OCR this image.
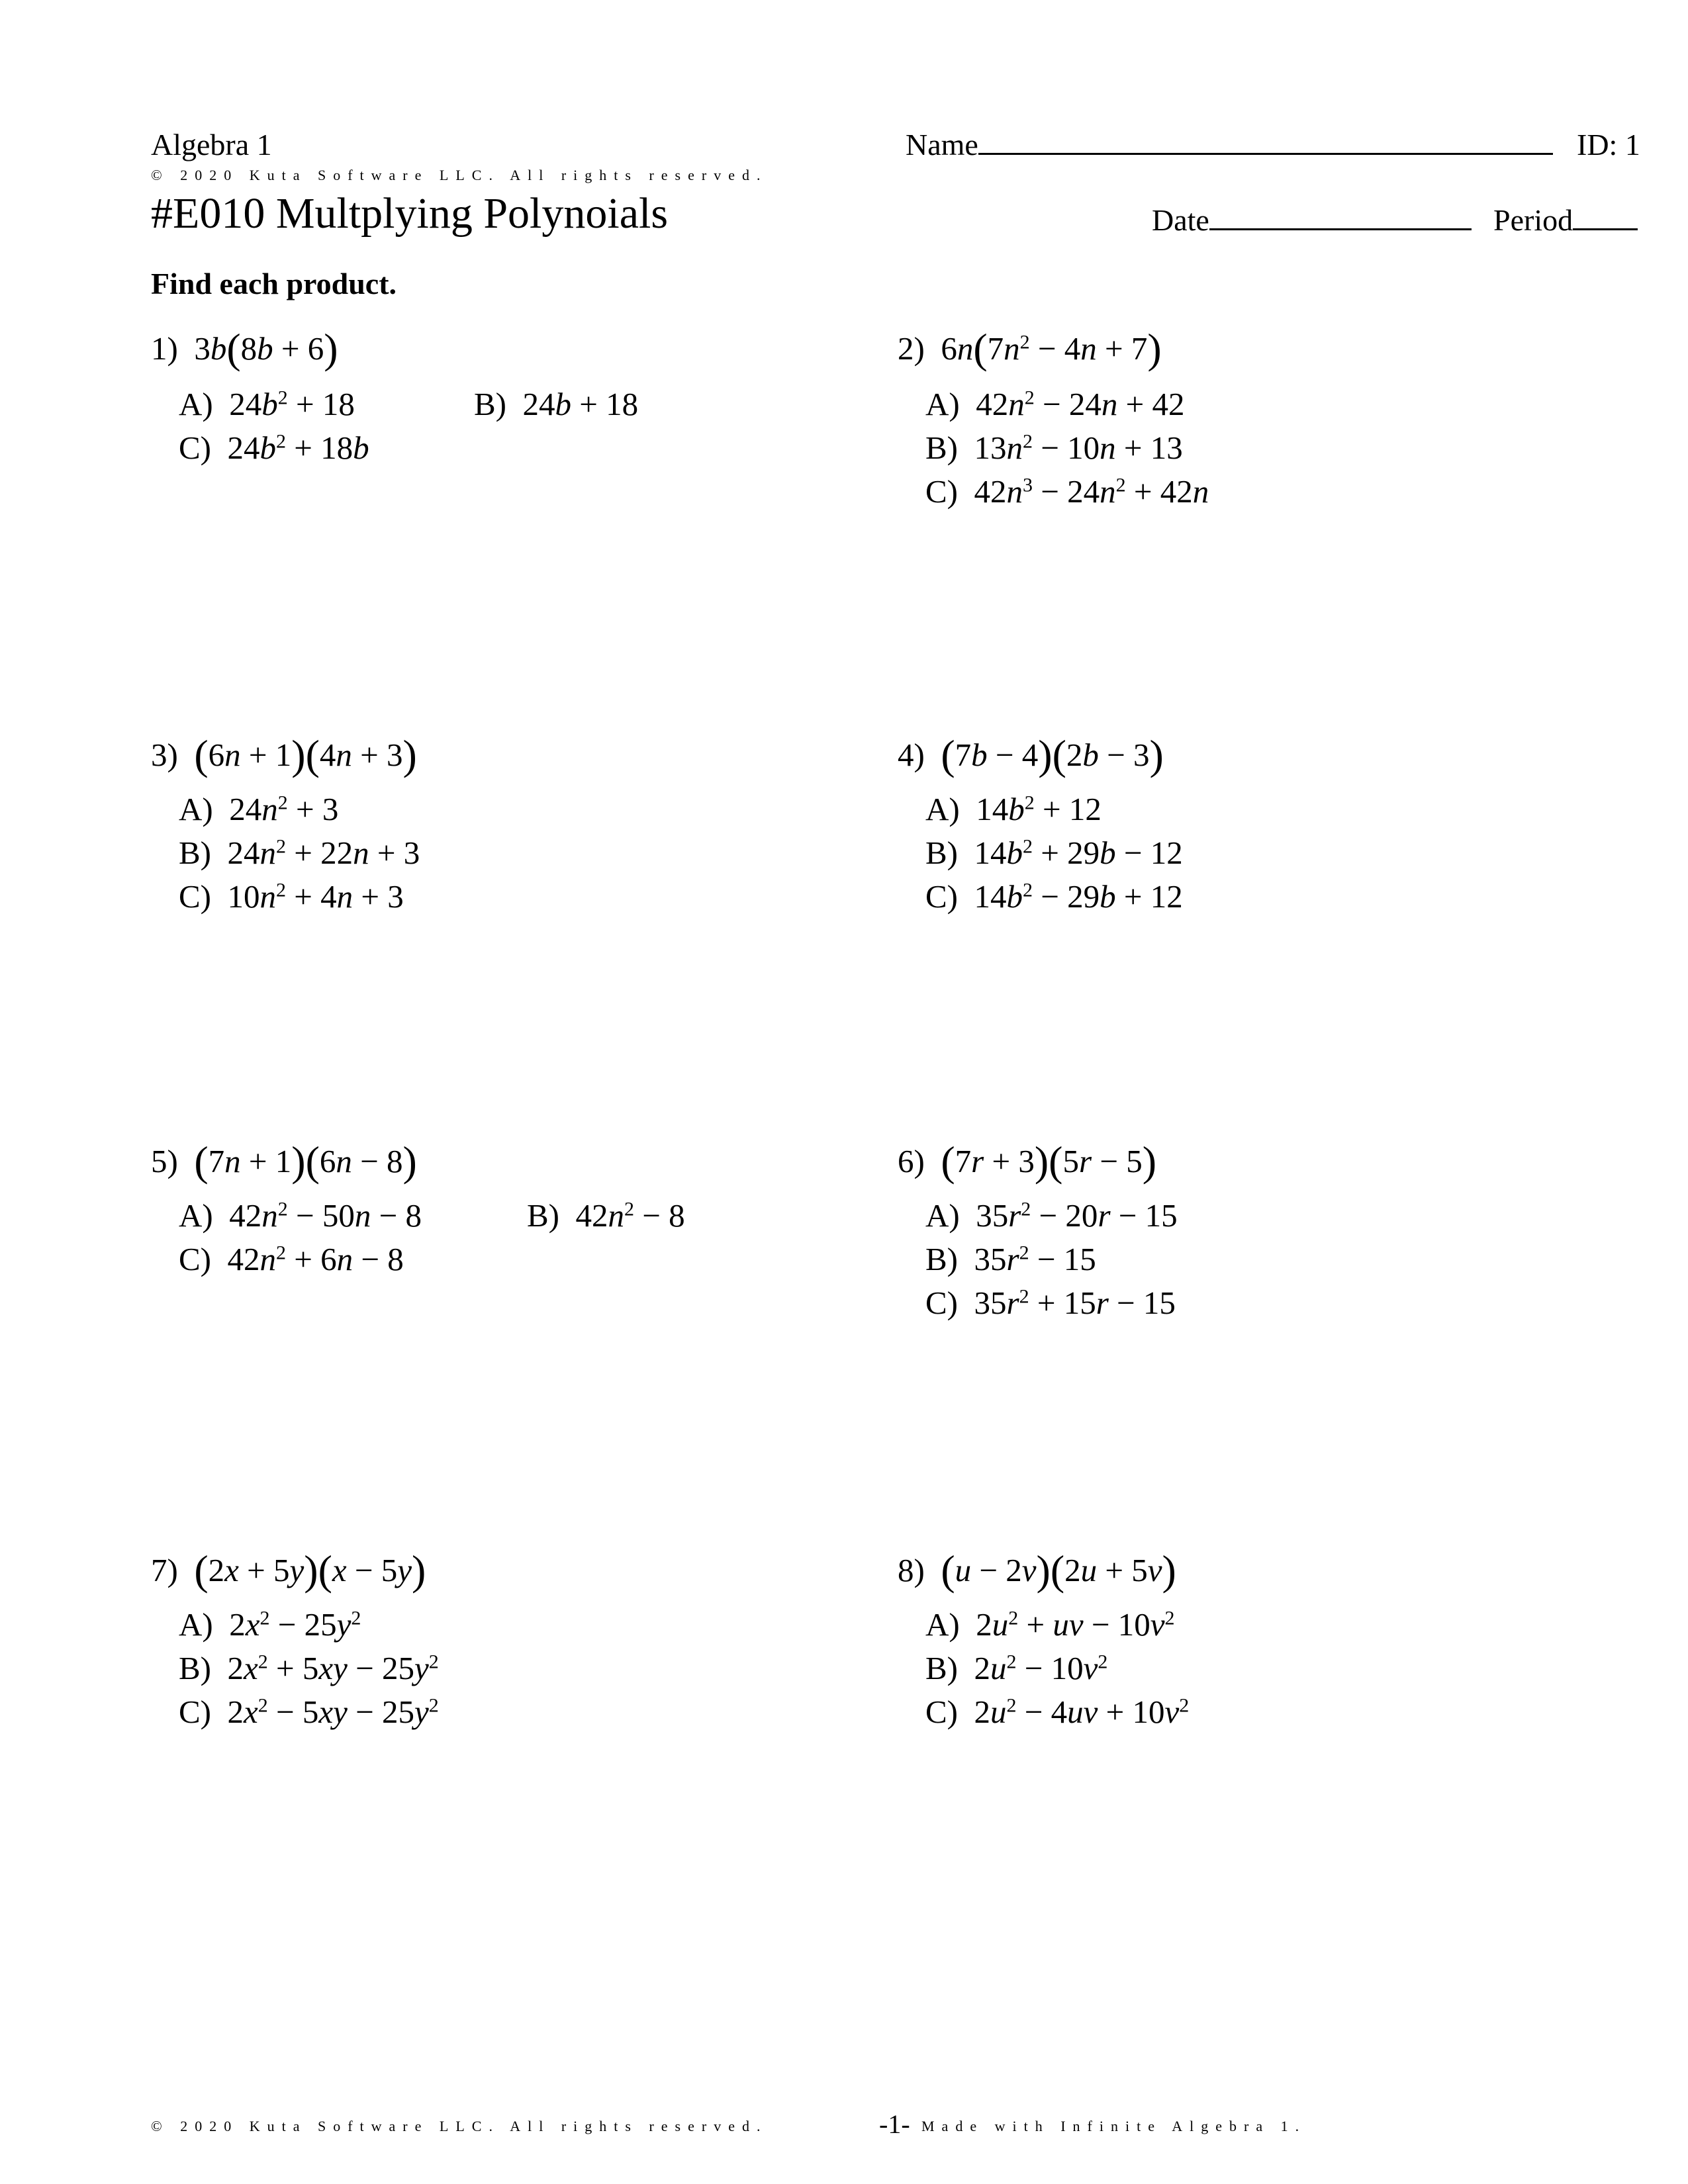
Algebra 1	Name	ID: 1
© 2020 Kuta Software LLC. All rights reserved.
#E010 Multplying Polynoials	Date	Period
Find each product.
1)  3b(8b + 6)
A)  $24b^2 + 18$	B)  24b + 18
C)  $24b^2 + 18b$
2)  $6n(7n^2 - 4n + 7)$
A)  $42n^2 - 24n + 42$
B)  $13n^2 - 10n + 13$
C)  $42n^3 - 24n^2 + 42n$
3) (6n + 1)(4n + 3)
A)  $24n^2 + 3$
B)  $24n^2 + 22n + 3$
C)  $10n^2 + 4n + 3$
4) (7b − 4)(2b − 3)
A)  $14b^2 + 12$
B)  $14b^2 + 29b - 12$
C)  $14b^2 - 29b + 12$
5) (7n + 1)(6n − 8)
A)  $42n^2 - 50n - 8$	B)  $42n^2 - 8$
C)  $42n^2 + 6n - 8$
6) (7r + 3)(5r − 5)
A)  $35r^2 - 20r - 15$
B)  $35r^2 - 15$
C)  $35r^2 + 15r - 15$
7) (2x + 5y)(x − 5y)
A)  $2x^2 - 25y^2$
B)  $2x^2 + 5xy - 25y^2$
C)  $2x^2 - 5xy - 25y^2$
8) (u − 2v)(2u + 5v)
A)  $2u^2$ + uv − $10v^2$
B)  $2u^2 - 10v^2$
C)  $2u^2 - 4uv + 10v^2$
© 2020 Kuta Software LLC. All rights reserved.	-1- Made with Infinite Algebra 1.
